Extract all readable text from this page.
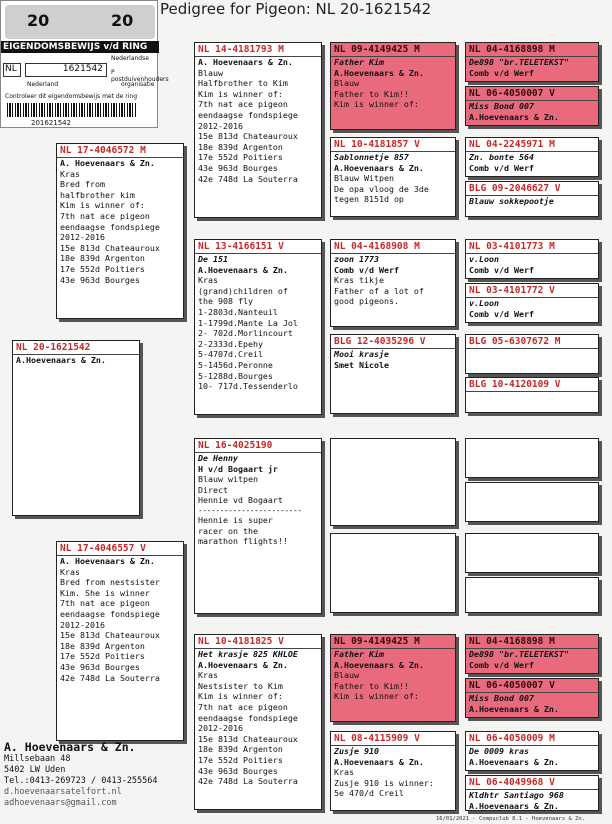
Pedigree for Pigeon: NL 20-1621542
20	20
EIGENDOMSBEWIJS v/d RING
Nederlandse
NL	1621542	P postduivenhouders
Nederland	organisatie
Controleer dit eigendomsbewijs met de ring
201621542
NL 20-1621542
A.Hoevenaars & Zn.
NL 17-4046572 M
A. Hoevenaars & Zn.
Kras
Bred from
halfbrother kim
Kim is winner of:
7th nat ace pigeon
eendaagse fondspiege
2012-2016
15e 813d Chateauroux
18e 839d Argenton
17e 552d Poitiers
43e 963d Bourges
NL 17-4046557 V
A. Hoevenaars & Zn.
Kras
Bred from nestsister
Kim. She is winner
7th nat ace pigeon
eendaagse fondspiege
2012-2016
15e 813d Chateauroux
18e 839d Argenton
17e 552d Poitiers
43e 963d Bourges
42e 748d La Souterra
NL 14-4181793 M
A. Hoevenaars & Zn.
Blauw
Halfbrother to Kim
Kim is winner of:
7th nat ace pigeon
eendaagse fondspiege
2012-2016
15e 813d Chateauroux
18e 839d Argenton
17e 552d Poitiers
43e 963d Bourges
42e 748d La Souterra
NL 13-4166151 V
De 151
A.Hoevenaars & Zn.
Kras
(grand)children of
the 908 fly
1-2803d.Nanteuil
1-1799d.Mante La Jol
2- 702d.Morlincourt
2-2333d.Epehy
5-4707d.Creil
5-1456d.Peronne
5-1288d.Bourges
10- 717d.Tessenderlo
NL 16-4025190
De Henny
H v/d Bogaart jr
Blauw witpen
Direct
Hennie vd Bogaart
------------------------
Hennie is super
racer on the
marathon flights!!
NL 10-4181825 V
Het krasje 825 KHLOE
A.Hoevenaars & Zn.
Kras
Nestsister to Kim
Kim is winner of:
7th nat ace pigeon
eendaagse fondspiege
2012-2016
15e 813d Chateauroux
18e 839d Argenton
17e 552d Poitiers
43e 963d Bourges
42e 748d La Souterra
NL 09-4149425 M
Father Kim
A.Hoevenaars & Zn.
Blauw
Father to Kim!!
Kim is winner of:
NL 10-4181857 V
Sablonnetje 857
A.Hoevenaars & Zn.
Blauw Witpen
De opa vloog de 3de
tegen 8151d op
NL 04-4168908 M
zoon 1773
Comb v/d Werf
Kras tikje
Father of a lot of
good pigeons.
BLG 12-4035296 V
Mooi krasje
Smet Nicole
NL 09-4149425 M
Father Kim
A.Hoevenaars & Zn.
Blauw
Father to Kim!!
Kim is winner of:
NL 08-4115909 V
Zusje 910
A.Hoevenaars & Zn.
Kras
Zusje 910 is winner:
5e 470/d Creil
NL 04-4168898 M
De898 "br.TELETEKST"
Comb v/d Werf
NL 06-4050007 V
Miss Bond 007
A.Hoevenaars & Zn.
NL 04-2245971 M
Zn. bonte 564
Comb v/d Werf
BLG 09-2046627 V
Blauw sokkepootje
NL 03-4101773 M
v.Loon
Comb v/d Werf
NL 03-4101772 V
v.Loon
Comb v/d Werf
BLG 05-6307672 M
BLG 10-4120109 V
NL 04-4168898 M
De898 "br.TELETEKST"
Comb v/d Werf
NL 06-4050007 V
Miss Bond 007
A.Hoevenaars & Zn.
NL 06-4050009 M
De 0009 kras
A.Hoevenaars & Zn.
NL 06-4049968 V
Kldhtr Santiago 968
A.Hoevenaars & Zn.
A. Hoevenaars & Zn.
Millsebaan 48
5402 LW Uden
Tel.:0413-269723 / 0413-255564
d.hoevenaarsatelfort.nl
adhoevenaars@gmail.com
16/01/2021 - Compuclub 8.1 - Hoevenaars & Zn.
